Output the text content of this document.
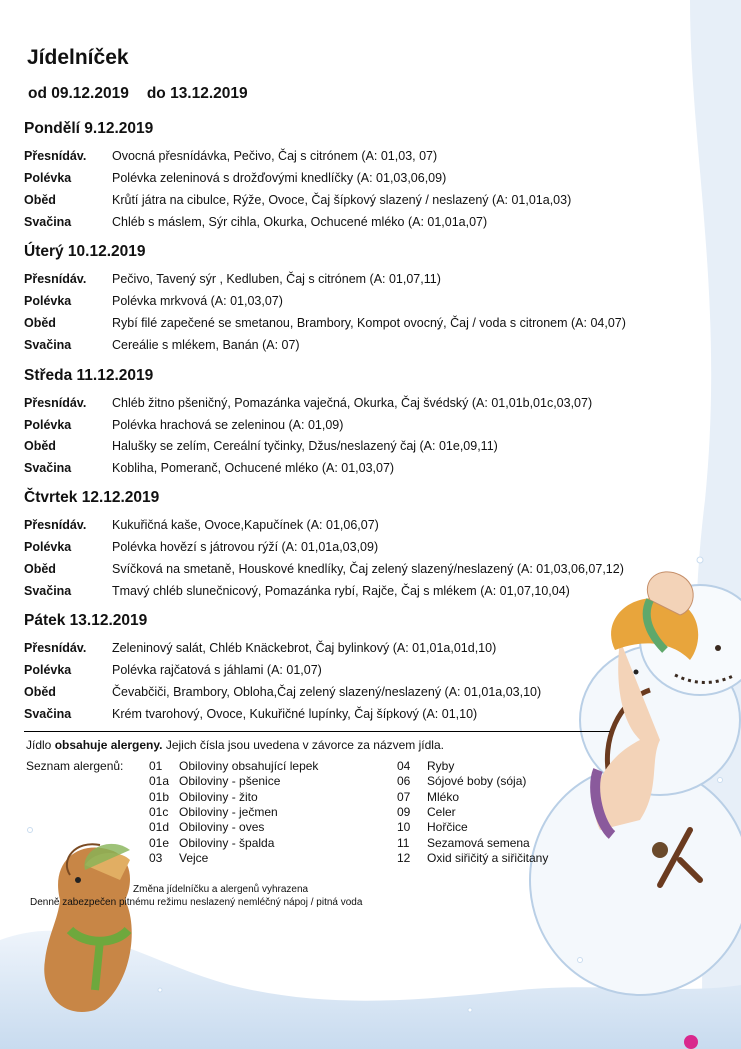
Jídelníček
od 09.12.2019 do 13.12.2019
Pondělí 9.12.2019
Přesnídáv. Ovocná přesnídávka, Pečivo, Čaj s citrónem (A: 01,03, 07)
Polévka	Polévka zeleninová s drožďovými knedlíčky (A: 01,03,06,09)
Oběd	Krůtí játra na cibulce, Rýže, Ovoce, Čaj šípkový slazený / neslazený (A: 01,01a,03)
Svačina	Chléb s máslem, Sýr cihla, Okurka, Ochucené mléko (A: 01,01a,07)
Úterý 10.12.2019
Přesnídáv. Pečivo, Tavený sýr , Kedluben, Čaj s citrónem (A: 01,07,11)
Polévka	Polévka mrkvová (A: 01,03,07)
Oběd	Rybí filé zapečené se smetanou, Brambory, Kompot ovocný, Čaj / voda s citronem (A: 04,07)
Svačina	Cereálie s mlékem, Banán (A: 07)
Středa 11.12.2019
Přesnídáv. Chléb žitno pšeničný, Pomazánka vaječná, Okurka, Čaj švédský (A: 01,01b,01c,03,07)
Polévka	Polévka hrachová se zeleninou (A: 01,09)
Oběd	Halušky se zelím, Cereální tyčinky, Džus/neslazený čaj (A: 01e,09,11)
Svačina	Kobliha, Pomeranč, Ochucené mléko (A: 01,03,07)
Čtvrtek 12.12.2019
Přesnídáv. Kukuřičná kaše, Ovoce,Kapučínek (A: 01,06,07)
Polévka	Polévka hovězí s játrovou rýží (A: 01,01a,03,09)
Oběd	Svíčková na smetaně, Houskové knedlíky, Čaj zelený slazený/neslazený (A: 01,03,06,07,12)
Svačina	Tmavý chléb slunečnicový, Pomazánka rybí, Rajče, Čaj s mlékem (A: 01,07,10,04)
Pátek 13.12.2019
Přesnídáv. Zeleninový salát, Chléb Knäckebrot, Čaj bylinkový (A: 01,01a,01d,10)
Polévka	Polévka rajčatová s jáhlami (A: 01,07)
Oběd	Čevabčiči, Brambory, Obloha,Čaj zelený slazený/neslazený (A: 01,01a,03,10)
Svačina	Krém tvarohový, Ovoce, Kukuřičné lupínky, Čaj šípkový (A: 01,10)
Jídlo obsahuje alergeny. Jejich čísla jsou uvedena v závorce za názvem jídla.
Seznam alergenů: 01 Obiloviny obsahující lepek
01a Obiloviny - pšenice
01b Obiloviny - žito
01c Obiloviny - ječmen
01d Obiloviny - oves
01e Obiloviny - špalda
03 Vejce
04 Ryby
06 Sójové boby (sója)
07 Mléko
09 Celer
10 Hořčice
11 Sezamová semena
12 Oxid siřičitý a siřičitany
Změna jídelníčku a alergenů vyhrazena
Denně zabezpečen pitnému režimu neslazený nemléčný nápoj / pitná voda
